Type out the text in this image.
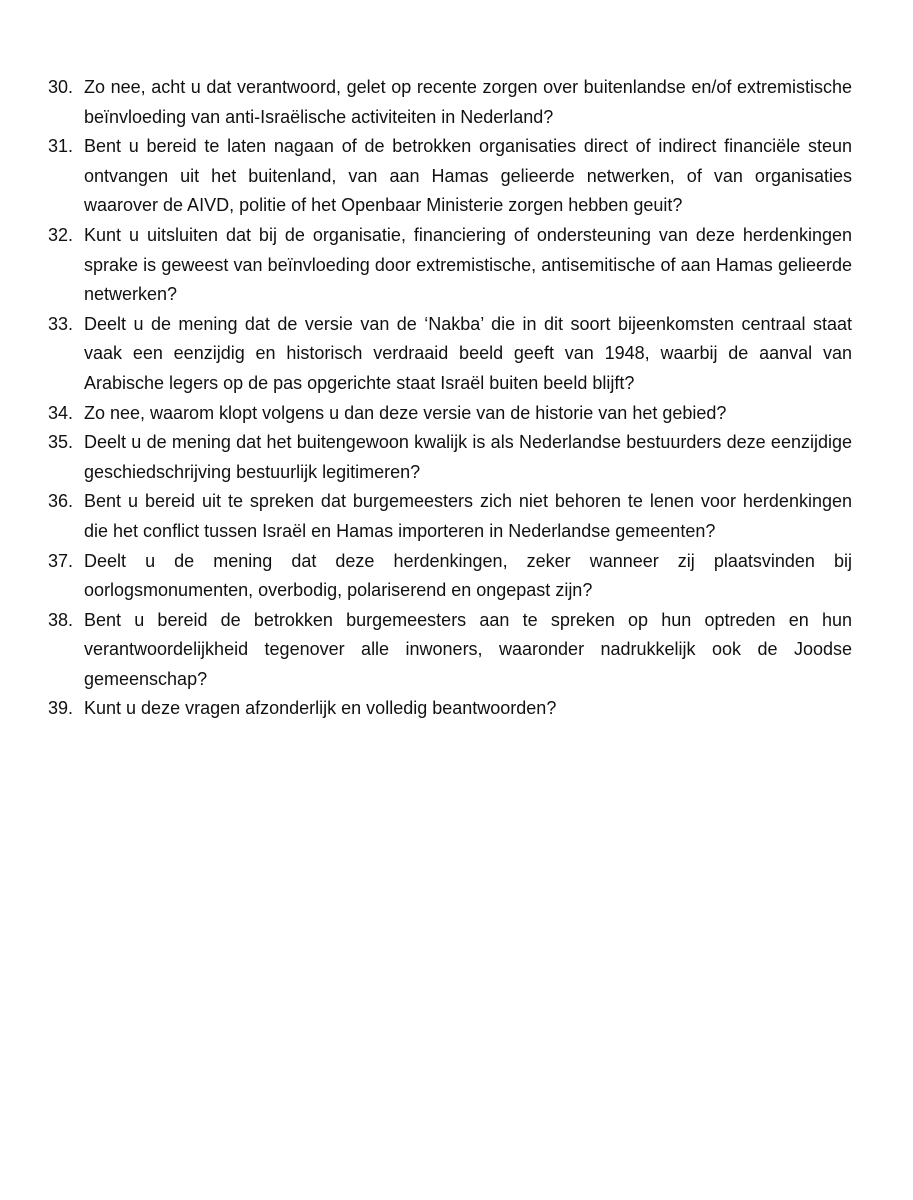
30. Zo nee, acht u dat verantwoord, gelet op recente zorgen over buitenlandse en/of extremistische beïnvloeding van anti-Israëlische activiteiten in Nederland?
31. Bent u bereid te laten nagaan of de betrokken organisaties direct of indirect financiële steun ontvangen uit het buitenland, van aan Hamas gelieerde netwerken, of van organisaties waarover de AIVD, politie of het Openbaar Ministerie zorgen hebben geuit?
32. Kunt u uitsluiten dat bij de organisatie, financiering of ondersteuning van deze herdenkingen sprake is geweest van beïnvloeding door extremistische, antisemitische of aan Hamas gelieerde netwerken?
33. Deelt u de mening dat de versie van de ‘Nakba’ die in dit soort bijeenkomsten centraal staat vaak een eenzijdig en historisch verdraaid beeld geeft van 1948, waarbij de aanval van Arabische legers op de pas opgerichte staat Israël buiten beeld blijft?
34. Zo nee, waarom klopt volgens u dan deze versie van de historie van het gebied?
35. Deelt u de mening dat het buitengewoon kwalijk is als Nederlandse bestuurders deze eenzijdige geschiedschrijving bestuurlijk legitimeren?
36. Bent u bereid uit te spreken dat burgemeesters zich niet behoren te lenen voor herdenkingen die het conflict tussen Israël en Hamas importeren in Nederlandse gemeenten?
37. Deelt u de mening dat deze herdenkingen, zeker wanneer zij plaatsvinden bij oorlogsmonumenten, overbodig, polariserend en ongepast zijn?
38. Bent u bereid de betrokken burgemeesters aan te spreken op hun optreden en hun verantwoordelijkheid tegenover alle inwoners, waaronder nadrukkelijk ook de Joodse gemeenschap?
39. Kunt u deze vragen afzonderlijk en volledig beantwoorden?
